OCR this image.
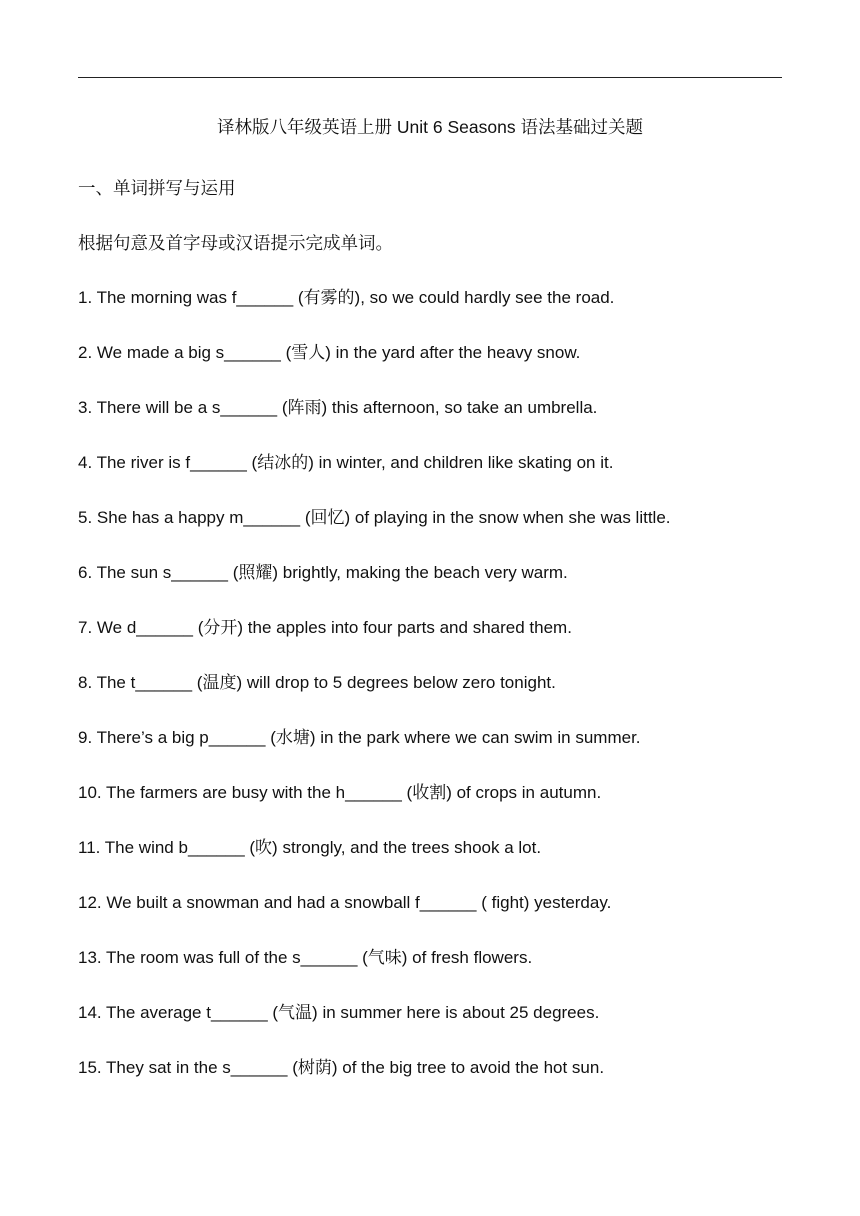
译林版八年级英语上册 Unit 6 Seasons 语法基础过关题
一、单词拼写与运用
根据句意及首字母或汉语提示完成单词。
1. The morning was f______ (有雾的), so we could hardly see the road.
2. We made a big s______ (雪人) in the yard after the heavy snow.
3. There will be a s______ (阵雨) this afternoon, so take an umbrella.
4. The river is f______ (结冰的) in winter, and children like skating on it.
5. She has a happy m______ (回忆) of playing in the snow when she was little.
6. The sun s______ (照耀) brightly, making the beach very warm.
7. We d______ (分开) the apples into four parts and shared them.
8. The t______ (温度) will drop to 5 degrees below zero tonight.
9. There’s a big p______ (水塘) in the park where we can swim in summer.
10. The farmers are busy with the h______ (收割) of crops in autumn.
11. The wind b______ (吹) strongly, and the trees shook a lot.
12. We built a snowman and had a snowball f______ ( fight) yesterday.
13. The room was full of the s______ (气味) of fresh flowers.
14. The average t______ (气温) in summer here is about 25 degrees.
15. They sat in the s______ (树荫) of the big tree to avoid the hot sun.
